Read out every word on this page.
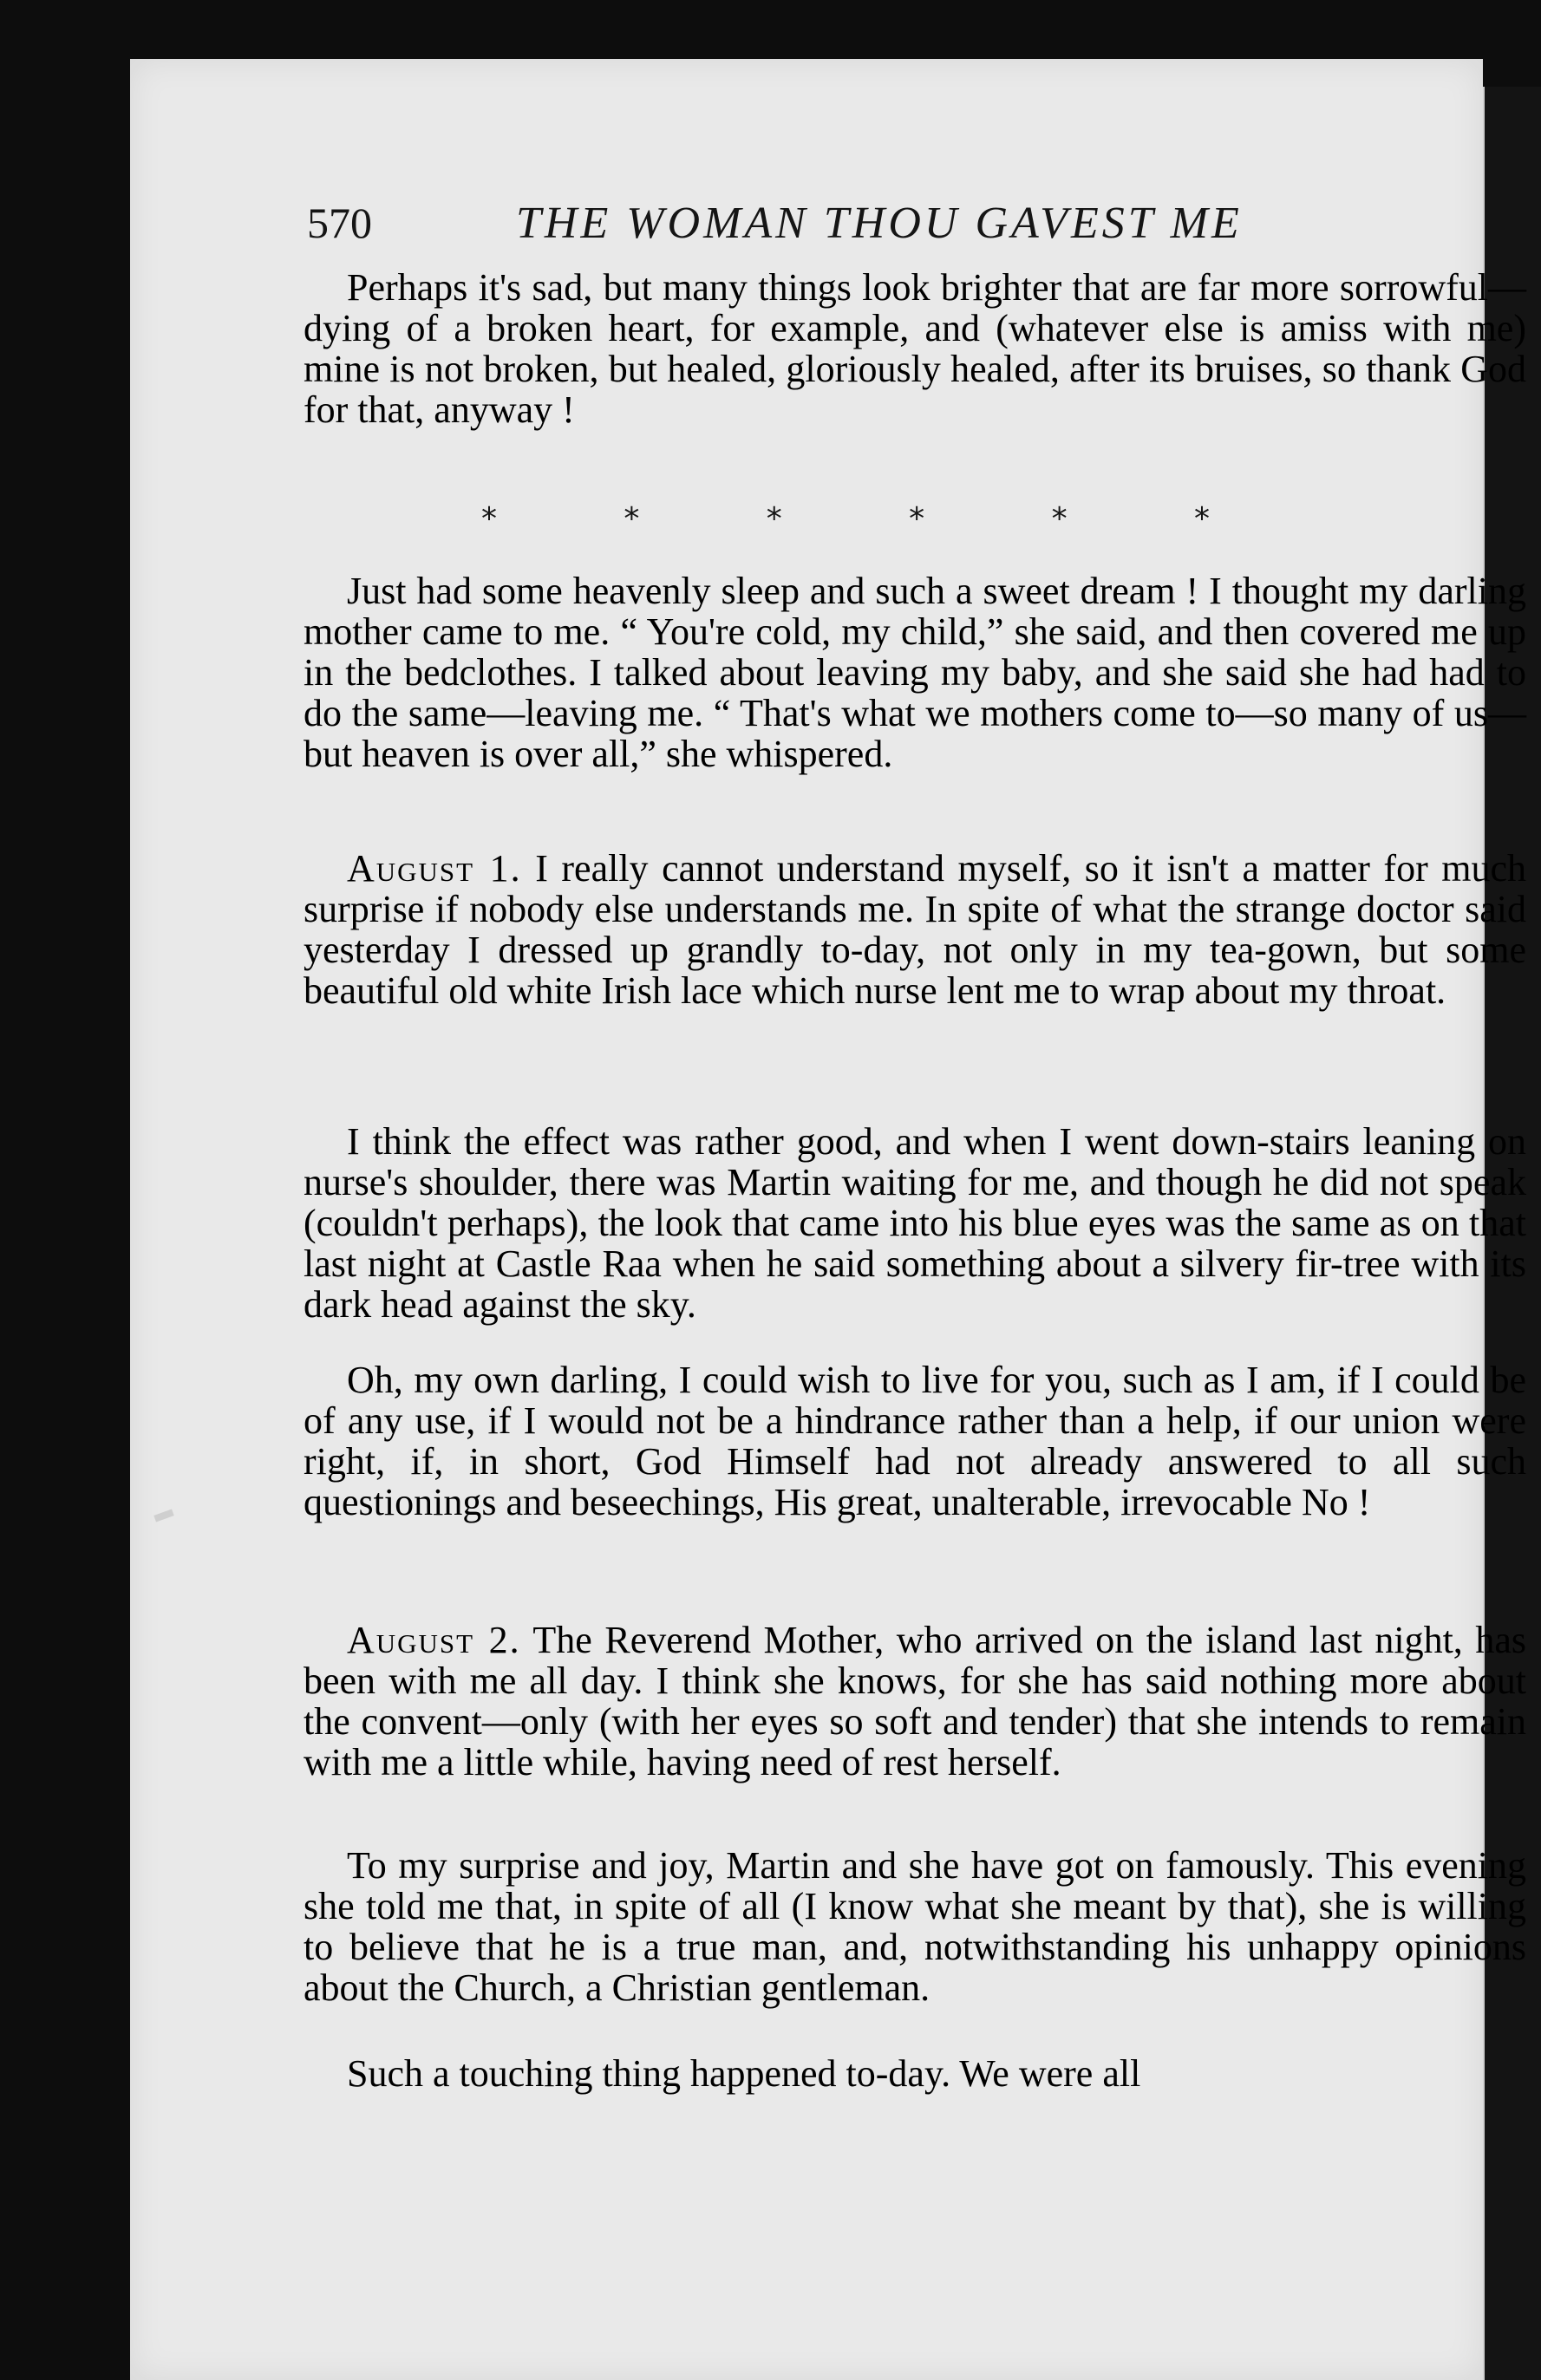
570	THE WOMAN THOU GAVEST ME

Perhaps it's sad, but many things look brighter that are far more sorrowful—dying of a broken heart, for example, and (whatever else is amiss with me) mine is not broken, but healed, gloriously healed, after its bruises, so thank God for that, anyway !

*	*	*	*	*	*

Just had some heavenly sleep and such a sweet dream ! I thought my darling mother came to me. “ You're cold, my child,” she said, and then covered me up in the bedclothes. I talked about leaving my baby, and she said she had had to do the same—leaving me. “ That's what we mothers come to—so many of us—but heaven is over all,” she whispered.

August 1. I really cannot understand myself, so it isn't a matter for much surprise if nobody else understands me. In spite of what the strange doctor said yesterday I dressed up grandly to-day, not only in my tea-gown, but some beautiful old white Irish lace which nurse lent me to wrap about my throat.

I think the effect was rather good, and when I went down-stairs leaning on nurse's shoulder, there was Martin waiting for me, and though he did not speak (couldn't perhaps), the look that came into his blue eyes was the same as on that last night at Castle Raa when he said something about a silvery fir-tree with its dark head against the sky.

Oh, my own darling, I could wish to live for you, such as I am, if I could be of any use, if I would not be a hindrance rather than a help, if our union were right, if, in short, God Himself had not already answered to all such questionings and beseechings, His great, unalterable, irrevocable No !

August 2. The Reverend Mother, who arrived on the island last night, has been with me all day. I think she knows, for she has said nothing more about the convent—only (with her eyes so soft and tender) that she intends to remain with me a little while, having need of rest herself.

To my surprise and joy, Martin and she have got on famously. This evening she told me that, in spite of all (I know what she meant by that), she is willing to believe that he is a true man, and, notwithstanding his unhappy opinions about the Church, a Christian gentleman.

Such a touching thing happened to-day. We were all
